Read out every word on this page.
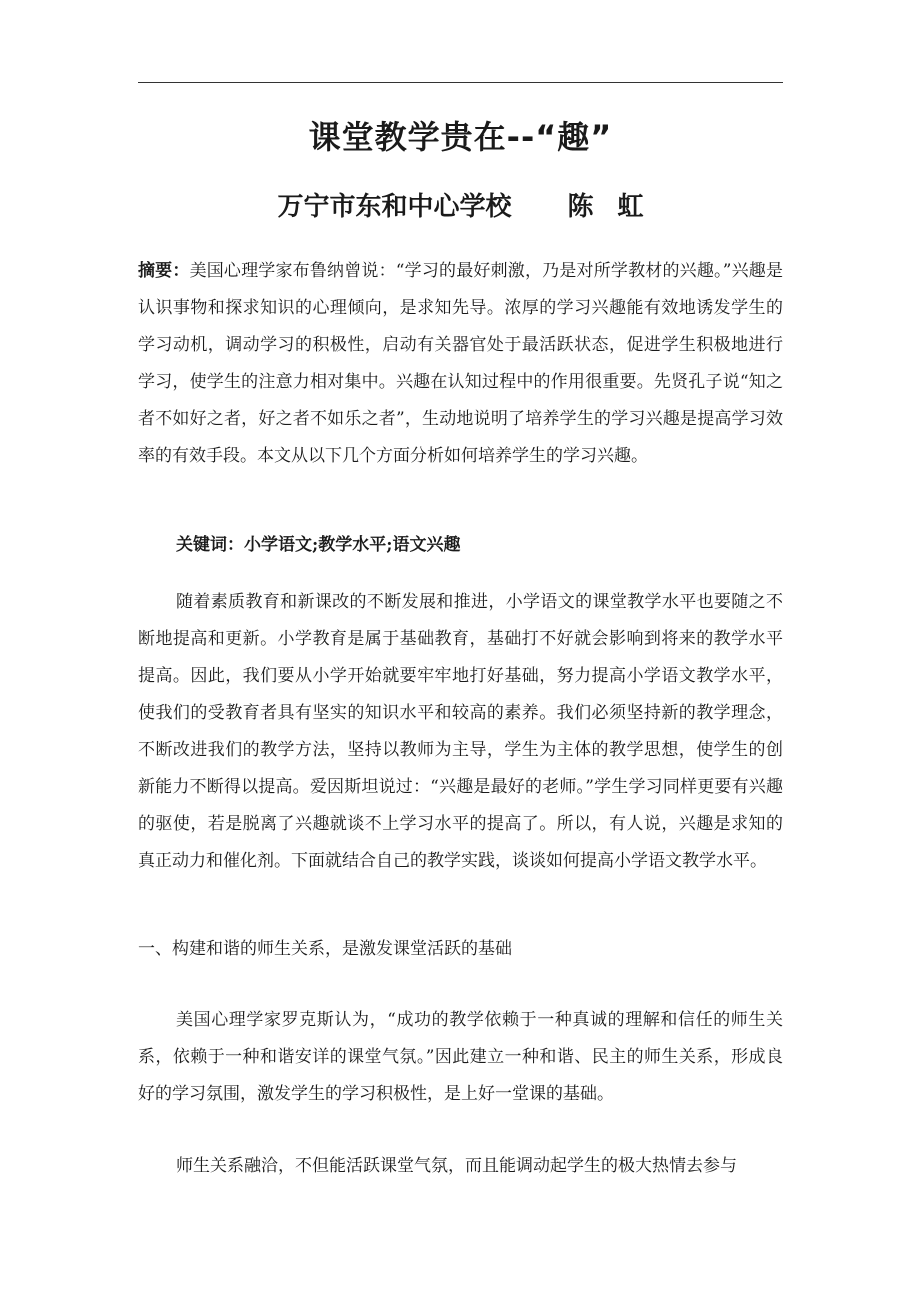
课堂教学贵在--“趣”
万宁市东和中心学校 陈 虹

摘要：美国心理学家布鲁纳曾说：“学习的最好刺激，乃是对所学教材的兴趣。”兴趣是认识事物和探求知识的心理倾向，是求知先导。浓厚的学习兴趣能有效地诱发学生的学习动机，调动学习的积极性，启动有关器官处于最活跃状态，促进学生积极地进行学习，使学生的注意力相对集中。兴趣在认知过程中的作用很重要。先贤孔子说“知之者不如好之者，好之者不如乐之者”，生动地说明了培养学生的学习兴趣是提高学习效率的有效手段。本文从以下几个方面分析如何培养学生的学习兴趣。

关键词：小学语文;教学水平;语文兴趣

随着素质教育和新课改的不断发展和推进，小学语文的课堂教学水平也要随之不断地提高和更新。小学教育是属于基础教育，基础打不好就会影响到将来的教学水平提高。因此，我们要从小学开始就要牢牢地打好基础，努力提高小学语文教学水平，使我们的受教育者具有坚实的知识水平和较高的素养。我们必须坚持新的教学理念，不断改进我们的教学方法，坚持以教师为主导，学生为主体的教学思想，使学生的创新能力不断得以提高。爱因斯坦说过：“兴趣是最好的老师。”学生学习同样更要有兴趣的驱使，若是脱离了兴趣就谈不上学习水平的提高了。所以，有人说，兴趣是求知的真正动力和催化剂。下面就结合自己的教学实践，谈谈如何提高小学语文教学水平。

一、构建和谐的师生关系，是激发课堂活跃的基础

美国心理学家罗克斯认为，“成功的教学依赖于一种真诚的理解和信任的师生关系，依赖于一种和谐安详的课堂气氛。”因此建立一种和谐、民主的师生关系，形成良好的学习氛围，激发学生的学习积极性，是上好一堂课的基础。

师生关系融洽，不但能活跃课堂气氛，而且能调动起学生的极大热情去参与
